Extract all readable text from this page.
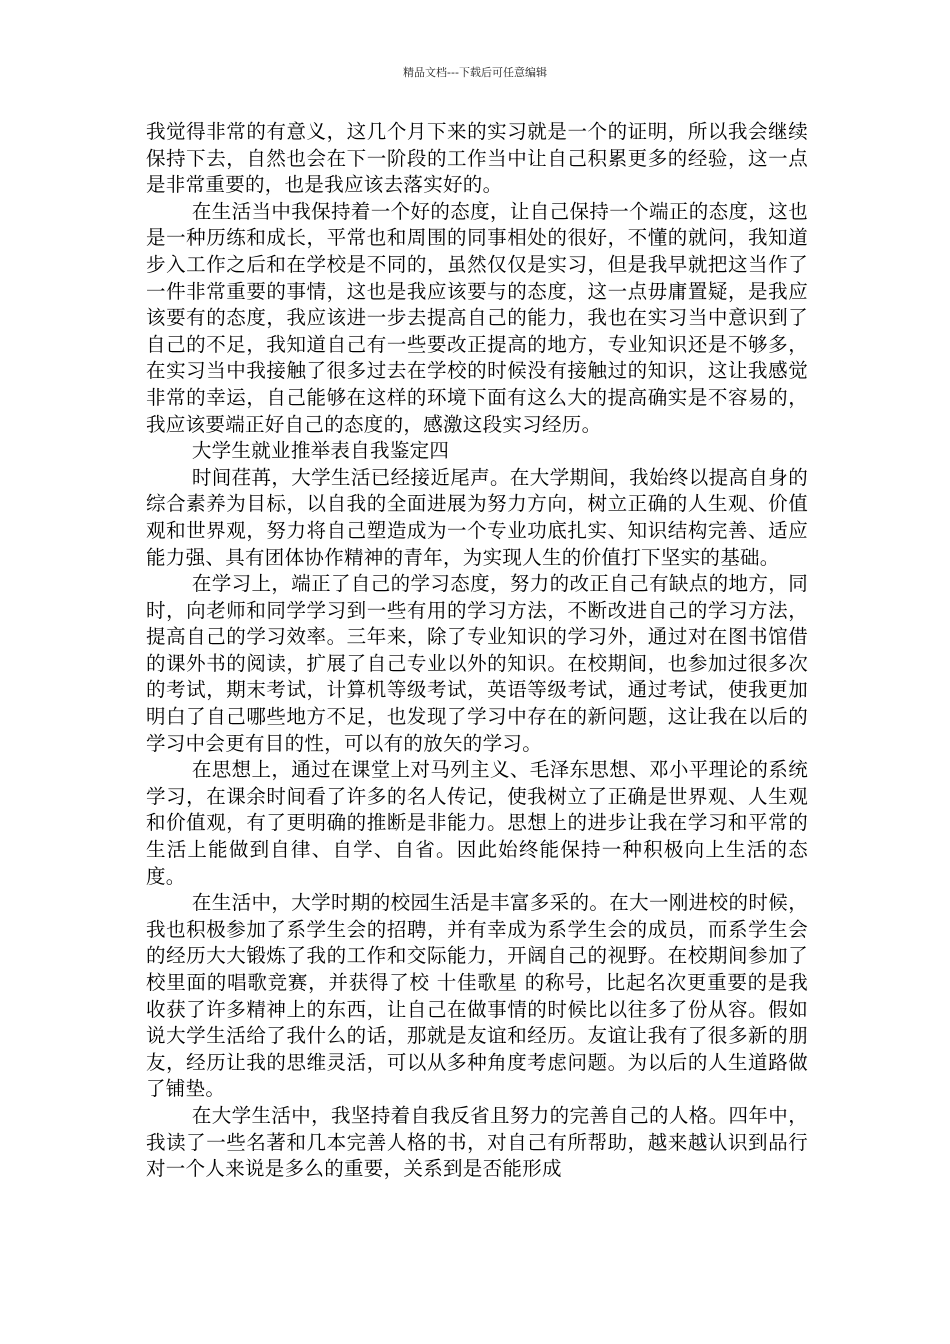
精品文档---下载后可任意编辑

我觉得非常的有意义，这几个月下来的实习就是一个的证明，所以我会继续保持下去，自然也会在下一阶段的工作当中让自己积累更多的经验，这一点是非常重要的，也是我应该去落实好的。

在生活当中我保持着一个好的态度，让自己保持一个端正的态度，这也是一种历练和成长，平常也和周围的同事相处的很好，不懂的就问，我知道步入工作之后和在学校是不同的，虽然仅仅是实习，但是我早就把这当作了一件非常重要的事情，这也是我应该要与的态度，这一点毋庸置疑，是我应该要有的态度，我应该进一步去提高自己的能力，我也在实习当中意识到了自己的不足，我知道自己有一些要改正提高的地方，专业知识还是不够多，在实习当中我接触了很多过去在学校的时候没有接触过的知识，这让我感觉非常的幸运，自己能够在这样的环境下面有这么大的提高确实是不容易的，我应该要端正好自己的态度的，感激这段实习经历。

大学生就业推举表自我鉴定四

时间荏苒，大学生活已经接近尾声。在大学期间，我始终以提高自身的综合素养为目标，以自我的全面进展为努力方向，树立正确的人生观、价值观和世界观，努力将自己塑造成为一个专业功底扎实、知识结构完善、适应能力强、具有团体协作精神的青年，为实现人生的价值打下坚实的基础。

在学习上，端正了自己的学习态度，努力的改正自己有缺点的地方，同时，向老师和同学学习到一些有用的学习方法，不断改进自己的学习方法，提高自己的学习效率。三年来，除了专业知识的学习外，通过对在图书馆借的课外书的阅读，扩展了自己专业以外的知识。在校期间，也参加过很多次的考试，期末考试，计算机等级考试，英语等级考试，通过考试，使我更加明白了自己哪些地方不足，也发现了学习中存在的新问题，这让我在以后的学习中会更有目的性，可以有的放矢的学习。

在思想上，通过在课堂上对马列主义、毛泽东思想、邓小平理论的系统学习，在课余时间看了许多的名人传记，使我树立了正确是世界观、人生观和价值观，有了更明确的推断是非能力。思想上的进步让我在学习和平常的生活上能做到自律、自学、自省。因此始终能保持一种积极向上生活的态度。

在生活中，大学时期的校园生活是丰富多采的。在大一刚进校的时候，我也积极参加了系学生会的招聘，并有幸成为系学生会的成员，而系学生会的经历大大锻炼了我的工作和交际能力，开阔自己的视野。在校期间参加了校里面的唱歌竞赛，并获得了校 十佳歌星 的称号，比起名次更重要的是我收获了许多精神上的东西，让自己在做事情的时候比以往多了份从容。假如说大学生活给了我什么的话，那就是友谊和经历。友谊让我有了很多新的朋友，经历让我的思维灵活，可以从多种角度考虑问题。为以后的人生道路做了铺垫。

在大学生活中，我坚持着自我反省且努力的完善自己的人格。四年中，我读了一些名著和几本完善人格的书，对自己有所帮助，越来越认识到品行对一个人来说是多么的重要，关系到是否能形成
